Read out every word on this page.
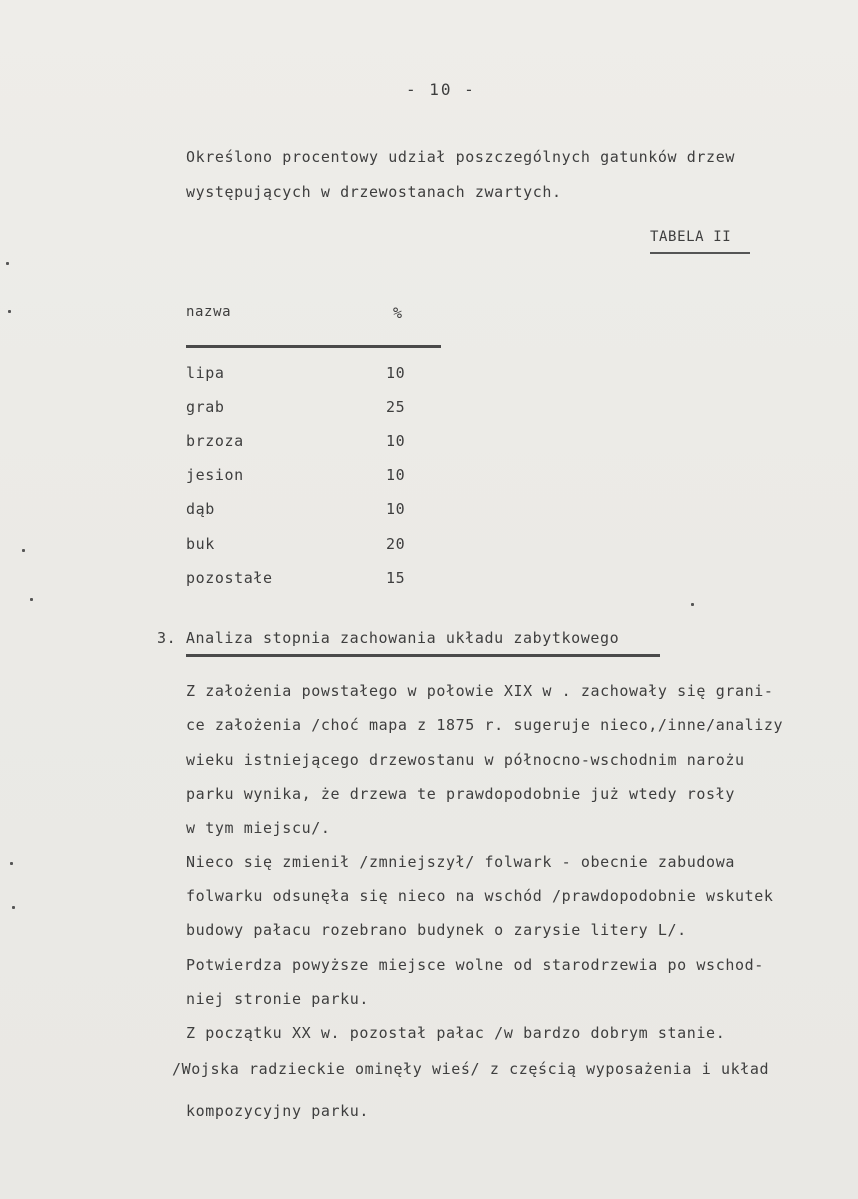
- 10 -
Określono procentowy udział poszczególnych gatunków drzew
występujących w drzewostanach zwartych.
TABELA II
nazwa	%
lipa	10
grab	25
brzoza	10
jesion	10
dąb	10
buk	20
pozostałe	15
3. Analiza stopnia zachowania układu zabytkowego
Z założenia powstałego w połowie XIX w . zachowały się grani-
ce założenia /choć mapa z 1875 r. sugeruje nieco,/inne/analizy
wieku istniejącego drzewostanu w północno-wschodnim narożu
parku wynika, że drzewa te prawdopodobnie już wtedy rosły
w tym miejscu/.
Nieco się zmienił /zmniejszył/ folwark - obecnie zabudowa
folwarku odsunęła się nieco na wschód /prawdopodobnie wskutek
budowy pałacu rozebrano budynek o zarysie litery L/.
Potwierdza powyższe miejsce wolne od starodrzewia po wschod-
niej stronie parku.
Z początku XX w. pozostał pałac /w bardzo dobrym stanie.
/Wojska radzieckie ominęły wieś/ z częścią wyposażenia i układ
kompozycyjny parku.
